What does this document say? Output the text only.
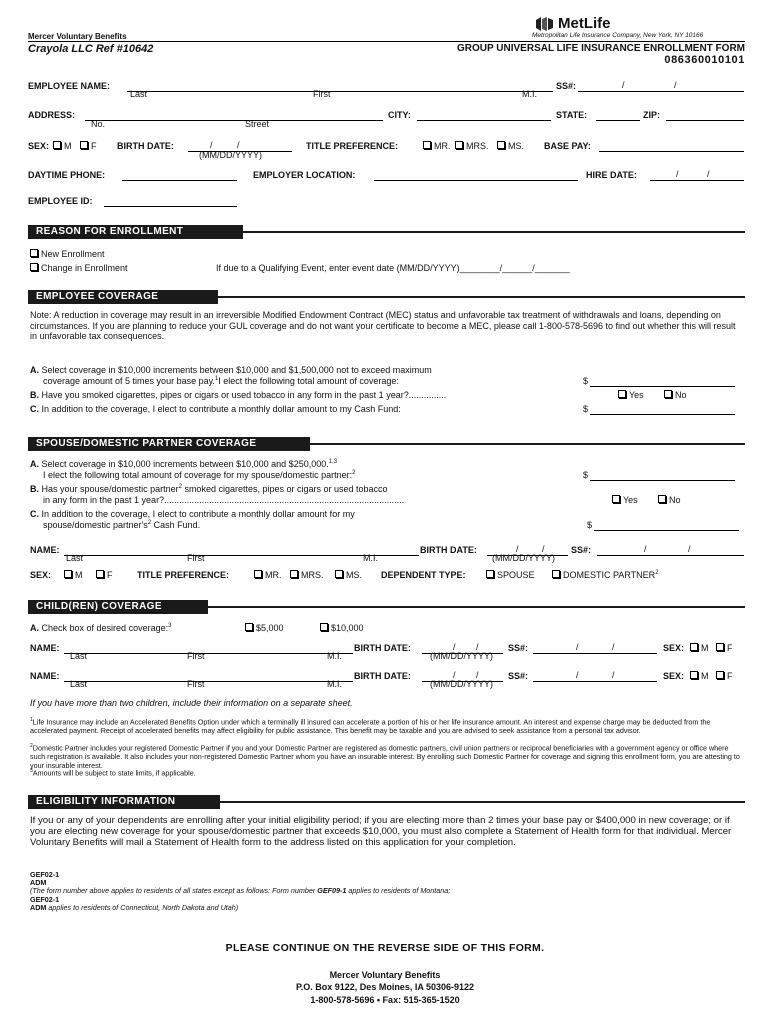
Mercer Voluntary Benefits
MetLife
Metropolitan Life Insurance Company, New York, NY 10166
Crayola LLC Ref #10642	GROUP UNIVERSAL LIFE INSURANCE ENROLLMENT FORM
086360010101
EMPLOYEE NAME:
Last	First	M.I.
SS#:	/	/
ADDRESS:
No.	Street
CITY:	STATE:	ZIP:
SEX:	M	F BIRTH DATE:	/	/
(MM/DD/YYYY)
TITLE PREFERENCE:	MR.	MRS.	MS. BASE PAY:
DAYTIME PHONE:	EMPLOYER LOCATION:	HIRE DATE:	/	/
EMPLOYEE ID:
REASON FOR ENROLLMENT
New Enrollment
Change in Enrollment	If due to a Qualifying Event, enter event date (MM/DD/YYYY)________/______/_______
EMPLOYEE COVERAGE
Note: A reduction in coverage may result in an irreversible Modified Endowment Contract (MEC) status and unfavorable tax treatment of withdrawals and loans, depending on circumstances. If you are planning to reduce your GUL coverage and do not want your certificate to become a MEC, please call 1-800-578-5696 to find out whether this will result in unfavorable tax consequences.
A. Select coverage in $10,000 increments between $10,000 and $1,500,000 not to exceed maximum
coverage amount of 5 times your base pay.$^1$I elect the following total amount of coverage:	$
B. Have you smoked cigarettes, pipes or cigars or used tobacco in any form in the past 1 year?...............	Yes	No
C. In addition to the coverage, I elect to contribute a monthly dollar amount to my Cash Fund:	$
SPOUSE/DOMESTIC PARTNER COVERAGE
A. Select coverage in $10,000 increments between $10,000 and $250,000.$^{1,3}$
I elect the following total amount of coverage for my spouse/domestic partner:$^2$	$
B. Has your spouse/domestic partner$^2$ smoked cigarettes, pipes or cigars or used tobacco
in any form in the past 1 year?................................................................................................	Yes	No
C. In addition to the coverage, I elect to contribute a monthly dollar amount for my
spouse/domestic $partner's^2$ Cash Fund.	$
NAME:
Last	First	M.I.
BIRTH DATE:	/	/
(MM/DD/YYYY)
SS#:	/	/
SEX:	M	F	TITLE PREFERENCE:	MR.	MRS.	MS. DEPENDENT TYPE:	SPOUSE	DOMESTIC PARTNER$^2$
CHILD(REN) COVERAGE
A. Check box of desired coverage:$^3$	$5,000	$10,000
NAME:
Last	First	M.I.
BIRTH DATE:	/ /
(MM/DD/YYYY)
SS#:	/	/	SEX:	M	F
NAME:
Last	First	M.I.
BIRTH DATE:	/ /
(MM/DD/YYYY)
SS#:	/	/	SEX:	M	F
If you have more than two children, include their information on a separate sheet.
$^1$Life Insurance may include an Accelerated Benefits Option under which a terminally ill insured can accelerate a portion of his or her life insurance amount. An interest and expense charge may be deducted from the accelerated payment. Receipt of accelerated benefits may affect eligibility for public assistance. This benefit may be taxable and you are advised to seek assistance from a personal tax advisor.
$^2$Domestic Partner includes your registered Domestic Partner if you and your Domestic Partner are registered as domestic partners, civil union partners or reciprocal beneficiaries with a government agency or office where such registration is available. It also includes your non-registered Domestic Partner whom you have an insurable interest. By enrolling such Domestic Partner for coverage and signing this enrollment form, you are attesting to your insurable interest.
$^3$Amounts will be subject to state limits, if applicable.
ELIGIBILITY INFORMATION
If you or any of your dependents are enrolling after your initial eligibility period; if you are electing more than 2 times your base pay or $400,000 in new coverage; or if you are electing new coverage for your spouse/domestic partner that exceeds $10,000, you must also complete a Statement of Health form for that individual. Mercer Voluntary Benefits will mail a Statement of Health form to the address listed on this application for your completion.
GEF02-1
ADM
(The form number above applies to residents of all states except as follows: Form number GEF09-1 applies to residents of Montana;
GEF02-1
ADM applies to residents of Connecticut, North Dakota and Utah)
PLEASE CONTINUE ON THE REVERSE SIDE OF THIS FORM.
Mercer Voluntary Benefits
P.O. Box 9122, Des Moines, IA 50306-9122
1-800-578-5696 • Fax: 515-365-1520
